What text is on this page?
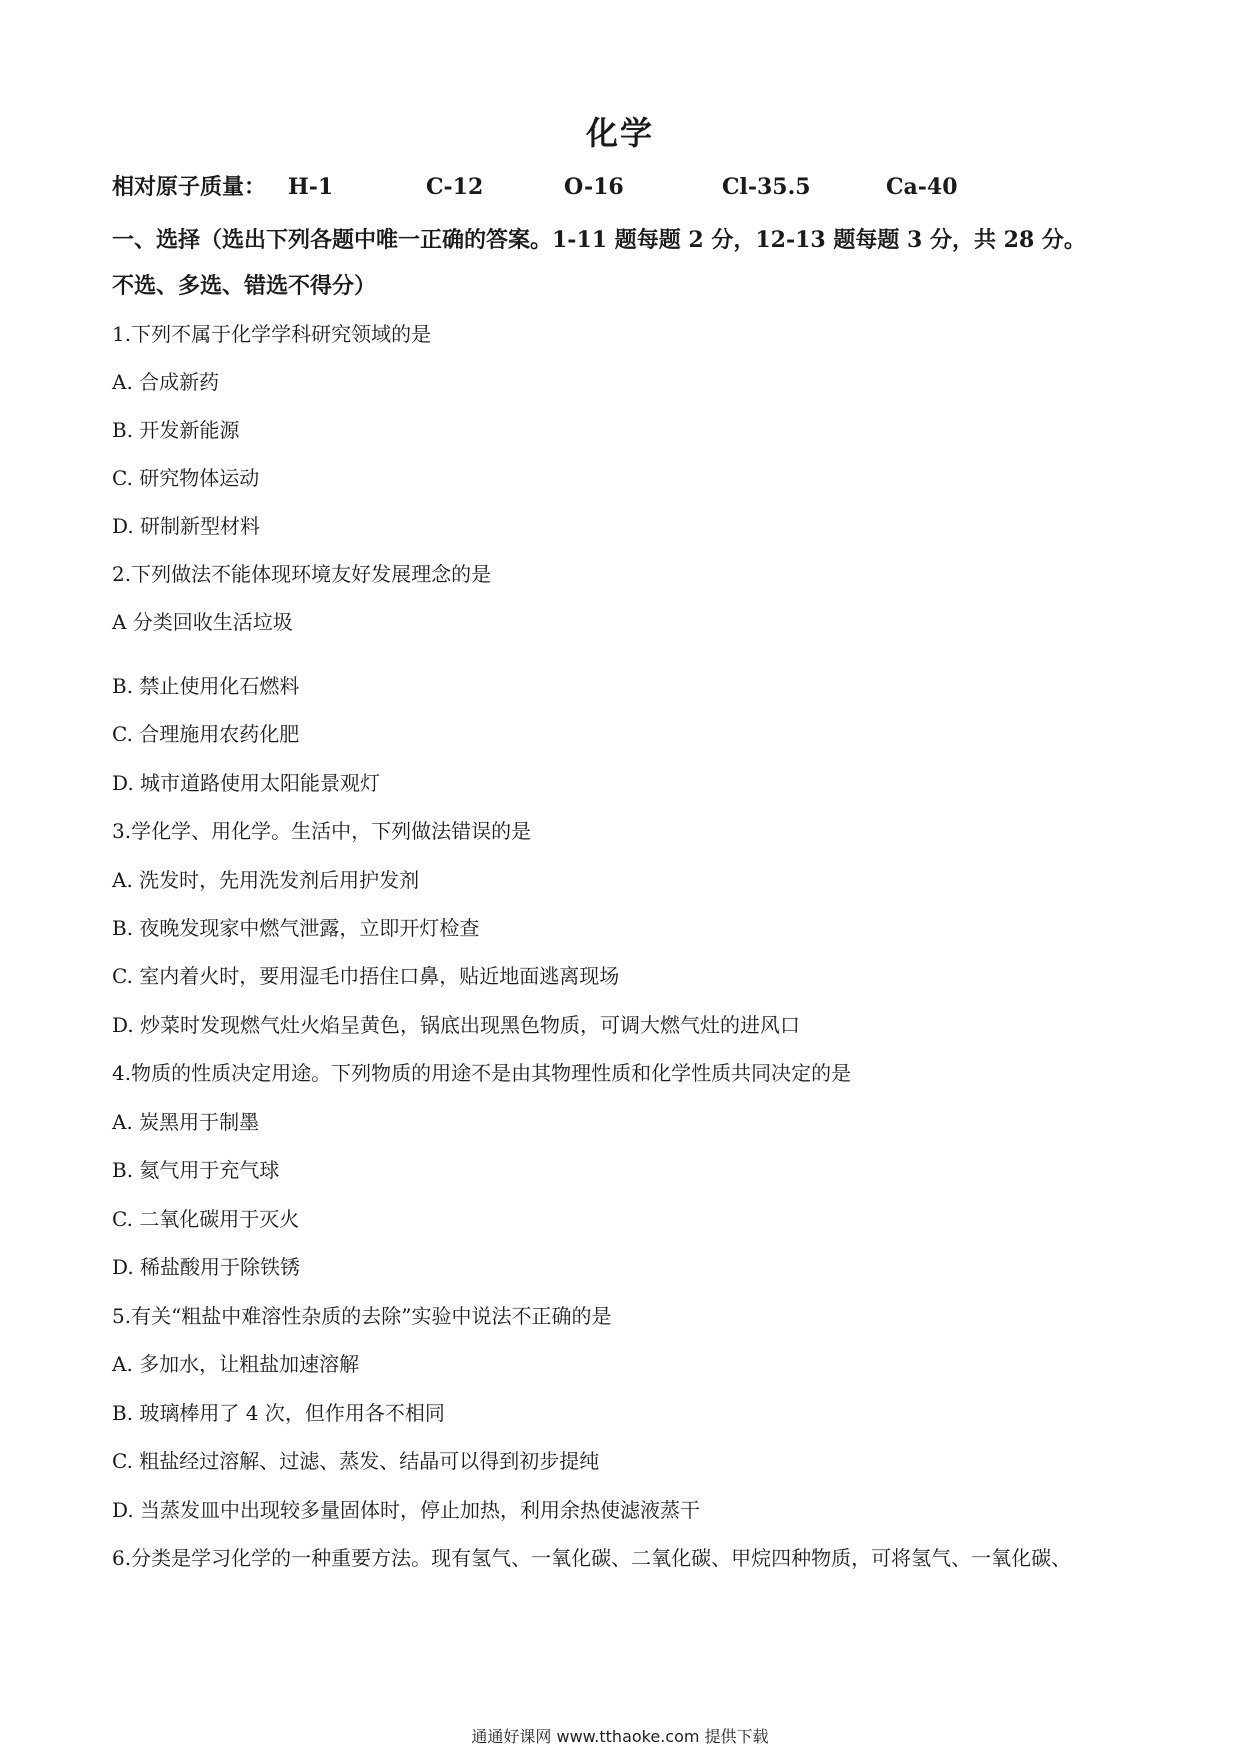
化学
相对原子质量： H-1	C-12	O-16	Cl-35.5	Ca-40
一、选择（选出下列各题中唯一正确的答案。1-11 题每题 2 分，12-13 题每题 3 分，共 28 分。
不选、多选、错选不得分）
1.下列不属于化学学科研究领域的是
A. 合成新药
B. 开发新能源
C. 研究物体运动
D. 研制新型材料
2.下列做法不能体现环境友好发展理念的是
A 分类回收生活垃圾
B. 禁止使用化石燃料
C. 合理施用农药化肥
D. 城市道路使用太阳能景观灯
3.学化学、用化学。生活中，下列做法错误的是
A. 洗发时，先用洗发剂后用护发剂
B. 夜晚发现家中燃气泄露，立即开灯检查
C. 室内着火时，要用湿毛巾捂住口鼻，贴近地面逃离现场
D. 炒菜时发现燃气灶火焰呈黄色，锅底出现黑色物质，可调大燃气灶的进风口
4.物质的性质决定用途。下列物质的用途不是由其物理性质和化学性质共同决定的是
A. 炭黑用于制墨
B. 氦气用于充气球
C. 二氧化碳用于灭火
D. 稀盐酸用于除铁锈
5.有关“粗盐中难溶性杂质的去除”实验中说法不正确的是
A. 多加水，让粗盐加速溶解
B. 玻璃棒用了 4 次，但作用各不相同
C. 粗盐经过溶解、过滤、蒸发、结晶可以得到初步提纯
D. 当蒸发皿中出现较多量固体时，停止加热，利用余热使滤液蒸干
6.分类是学习化学的一种重要方法。现有氢气、一氧化碳、二氧化碳、甲烷四种物质，可将氢气、一氧化碳、
通通好课网 www.tthaoke.com 提供下载
